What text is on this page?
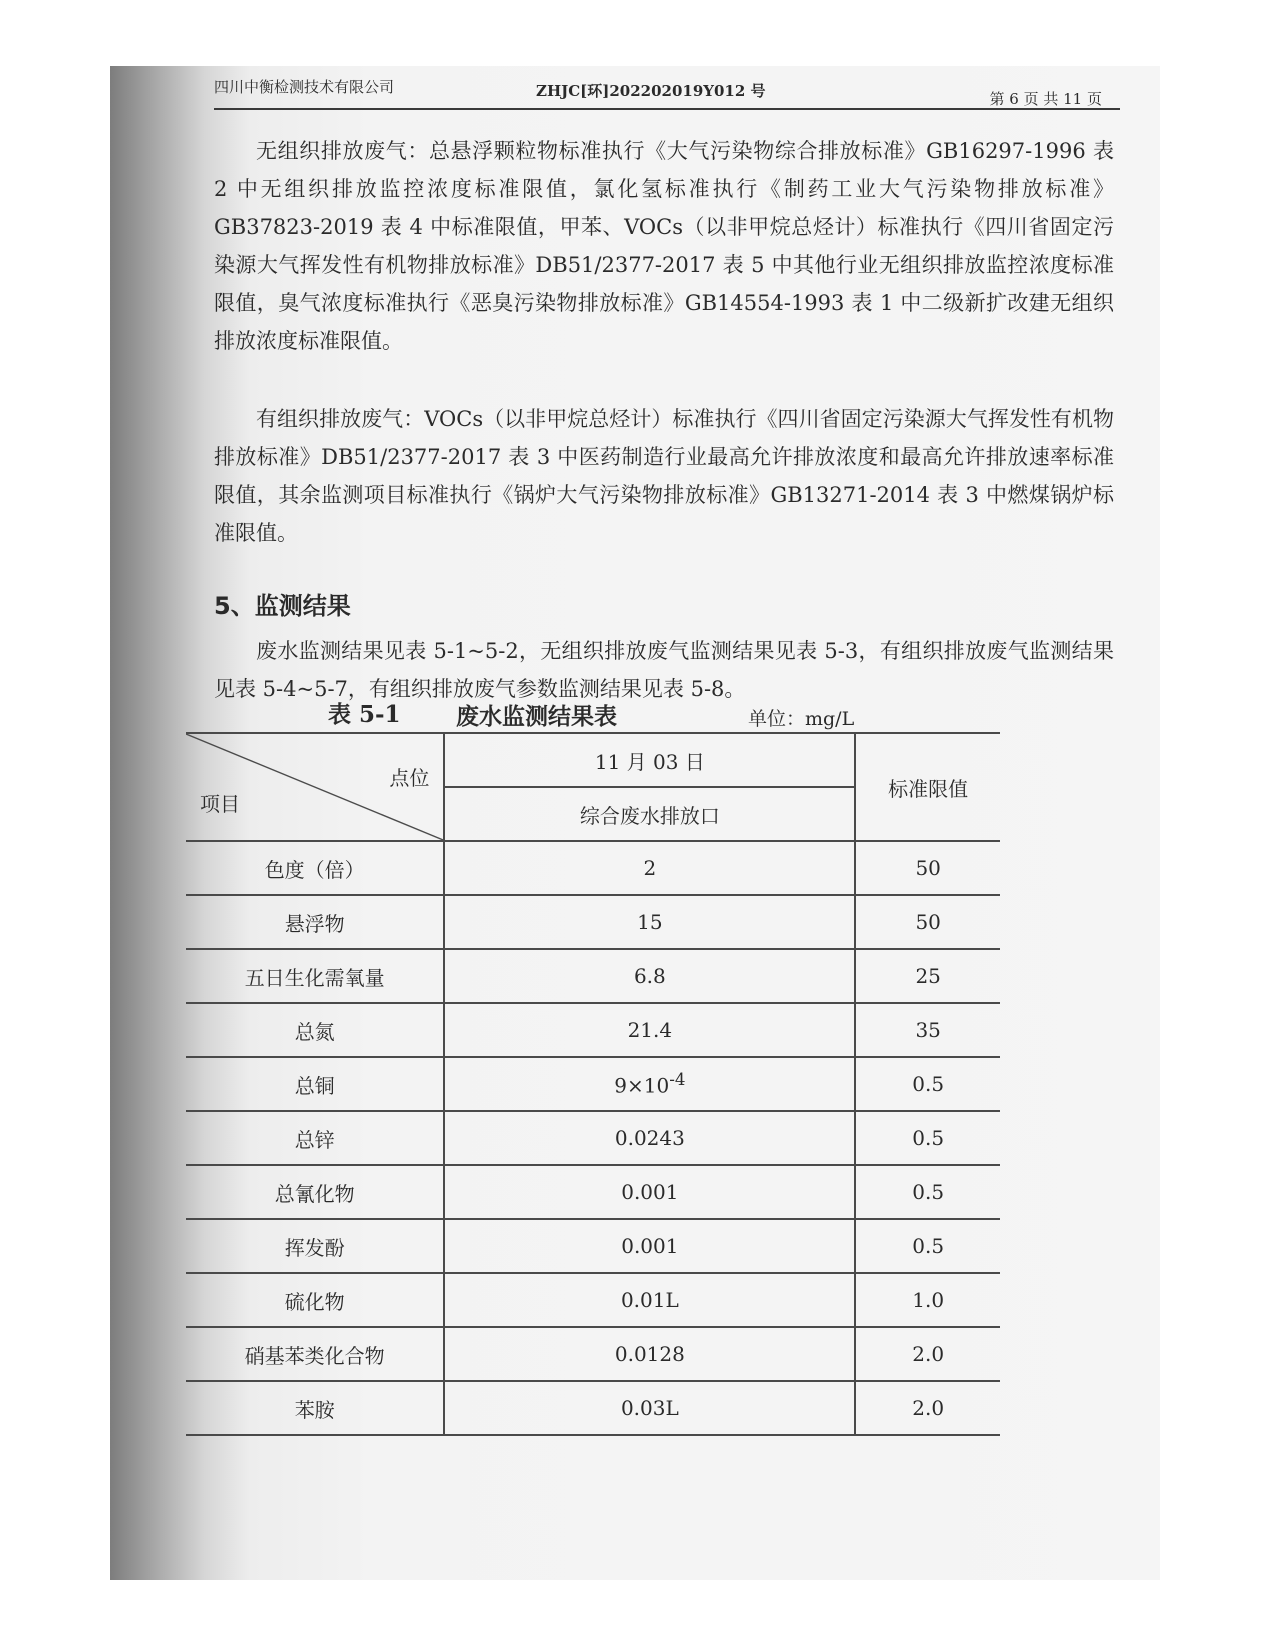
四川中衡检测技术有限公司	ZHJC[环]202202019Y012 号	第 6 页 共 11 页

无组织排放废气：总悬浮颗粒物标准执行《大气污染物综合排放标准》GB16297-1996 表 2 中无组织排放监控浓度标准限值，氯化氢标准执行《制药工业大气污染物排放标准》GB37823-2019 表 4 中标准限值，甲苯、VOCs（以非甲烷总烃计）标准执行《四川省固定污染源大气挥发性有机物排放标准》DB51/2377-2017 表 5 中其他行业无组织排放监控浓度标准限值，臭气浓度标准执行《恶臭污染物排放标准》GB14554-1993 表 1 中二级新扩改建无组织排放浓度标准限值。

有组织排放废气：VOCs（以非甲烷总烃计）标准执行《四川省固定污染源大气挥发性有机物排放标准》DB51/2377-2017 表 3 中医药制造行业最高允许排放浓度和最高允许排放速率标准限值，其余监测项目标准执行《锅炉大气污染物排放标准》GB13271-2014 表 3 中燃煤锅炉标准限值。

5、监测结果

废水监测结果见表 5-1~5-2，无组织排放废气监测结果见表 5-3，有组织排放废气监测结果见表 5-4~5-7，有组织排放废气参数监测结果见表 5-8。

表 5-1 废水监测结果表	单位：mg/L
点位
项目	11 月 03 日	标准限值
	综合废水排放口	
色度（倍）	2	50
悬浮物	15	50
五日生化需氧量	6.8	25
总氮	21.4	35
总铜	$9\times 10^{-4}$	0.5
总锌	0.0243	0.5
总氰化物	0.001	0.5
挥发酚	0.001	0.5
硫化物	0.01L	1.0
硝基苯类化合物	0.0128	2.0
苯胺	0.03L	2.0
